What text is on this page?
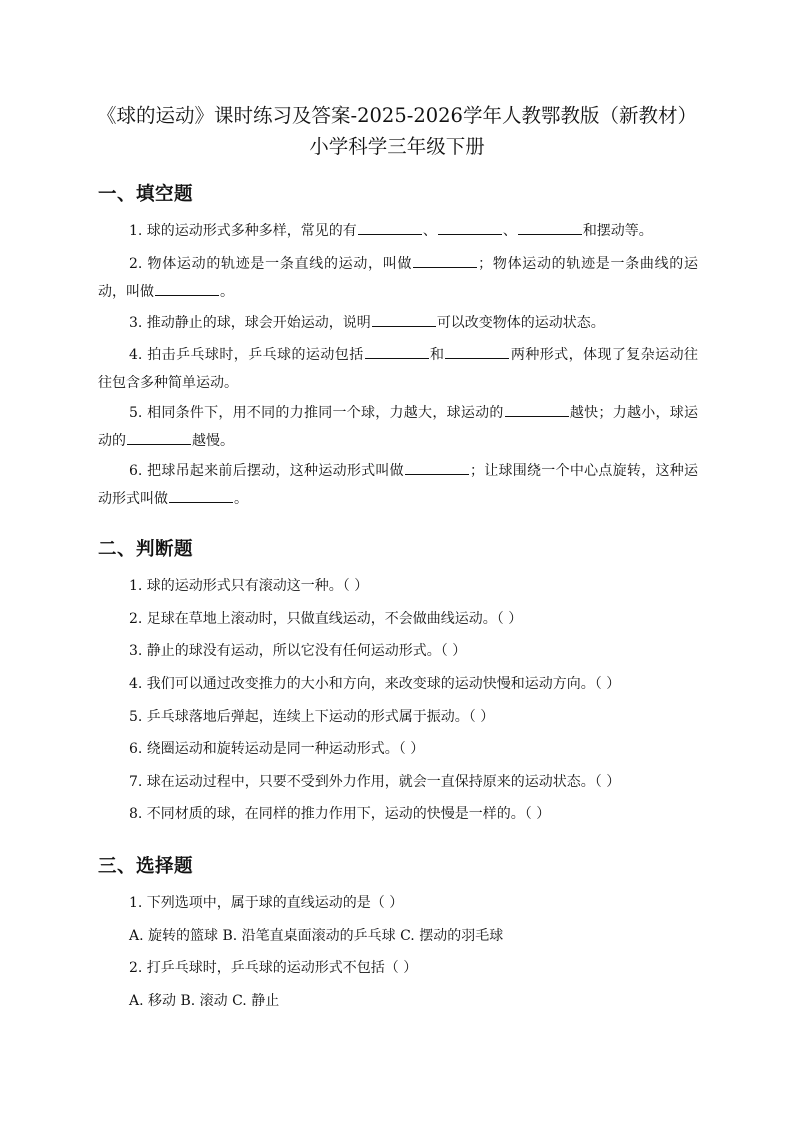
《球的运动》课时练习及答案-2025-2026学年人教鄂教版（新教材） 小学科学三年级下册
一、填空题
1. 球的运动形式多种多样，常见的有	、	、	和摆动等。
2. 物体运动的轨迹是一条直线的运动，叫做	；物体运动的轨迹是一条曲线的运动，叫做	。
3. 推动静止的球，球会开始运动，说明	可以改变物体的运动状态。
4. 拍击乒乓球时，乒乓球的运动包括	和	两种形式，体现了复杂运动往往包含多种简单运动。
5. 相同条件下，用不同的力推同一个球，力越大，球运动的	越快；力越小，球运动的	越慢。
6. 把球吊起来前后摆动，这种运动形式叫做	；让球围绕一个中心点旋转，这种运动形式叫做	。
二、判断题
1. 球的运动形式只有滚动这一种。（ ）
2. 足球在草地上滚动时，只做直线运动，不会做曲线运动。（ ）
3. 静止的球没有运动，所以它没有任何运动形式。（ ）
4. 我们可以通过改变推力的大小和方向，来改变球的运动快慢和运动方向。（ ）
5. 乒乓球落地后弹起，连续上下运动的形式属于振动。（ ）
6. 绕圈运动和旋转运动是同一种运动形式。（ ）
7. 球在运动过程中，只要不受到外力作用，就会一直保持原来的运动状态。（ ）
8. 不同材质的球，在同样的推力作用下，运动的快慢是一样的。（ ）
三、选择题
1. 下列选项中，属于球的直线运动的是（ ）
A. 旋转的篮球 B. 沿笔直桌面滚动的乒乓球 C. 摆动的羽毛球
2. 打乒乓球时，乒乓球的运动形式不包括（ ）
A. 移动 B. 滚动 C. 静止
